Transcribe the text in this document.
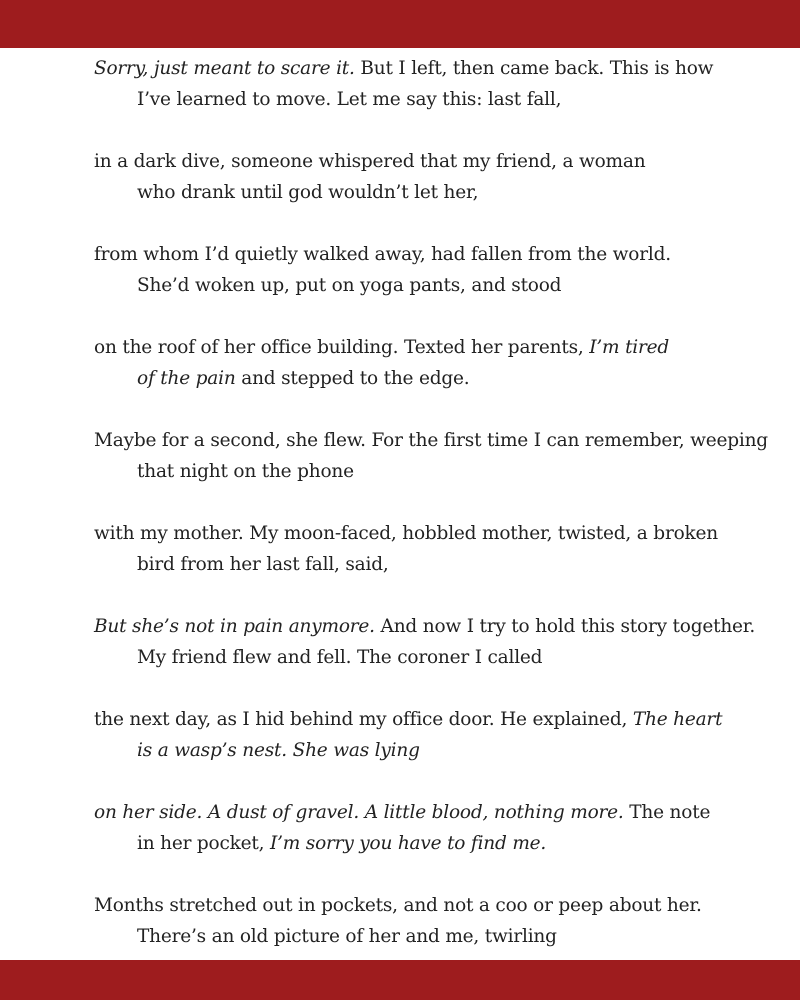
Sorry, just meant to scare it. But I left, then came back. This is how
I’ve learned to move. Let me say this: last fall,
in a dark dive, someone whispered that my friend, a woman
who drank until god wouldn’t let her,
from whom I’d quietly walked away, had fallen from the world.
She’d woken up, put on yoga pants, and stood
on the roof of her office building. Texted her parents, I’m tired
of the pain and stepped to the edge.
Maybe for a second, she flew. For the first time I can remember, weeping
that night on the phone
with my mother. My moon-faced, hobbled mother, twisted, a broken
bird from her last fall, said,
But she’s not in pain anymore. And now I try to hold this story together.
My friend flew and fell. The coroner I called
the next day, as I hid behind my office door. He explained, The heart
is a wasp’s nest. She was lying
on her side. A dust of gravel. A little blood, nothing more. The note
in her pocket, I’m sorry you have to find me.
Months stretched out in pockets, and not a coo or peep about her.
There’s an old picture of her and me, twirling
